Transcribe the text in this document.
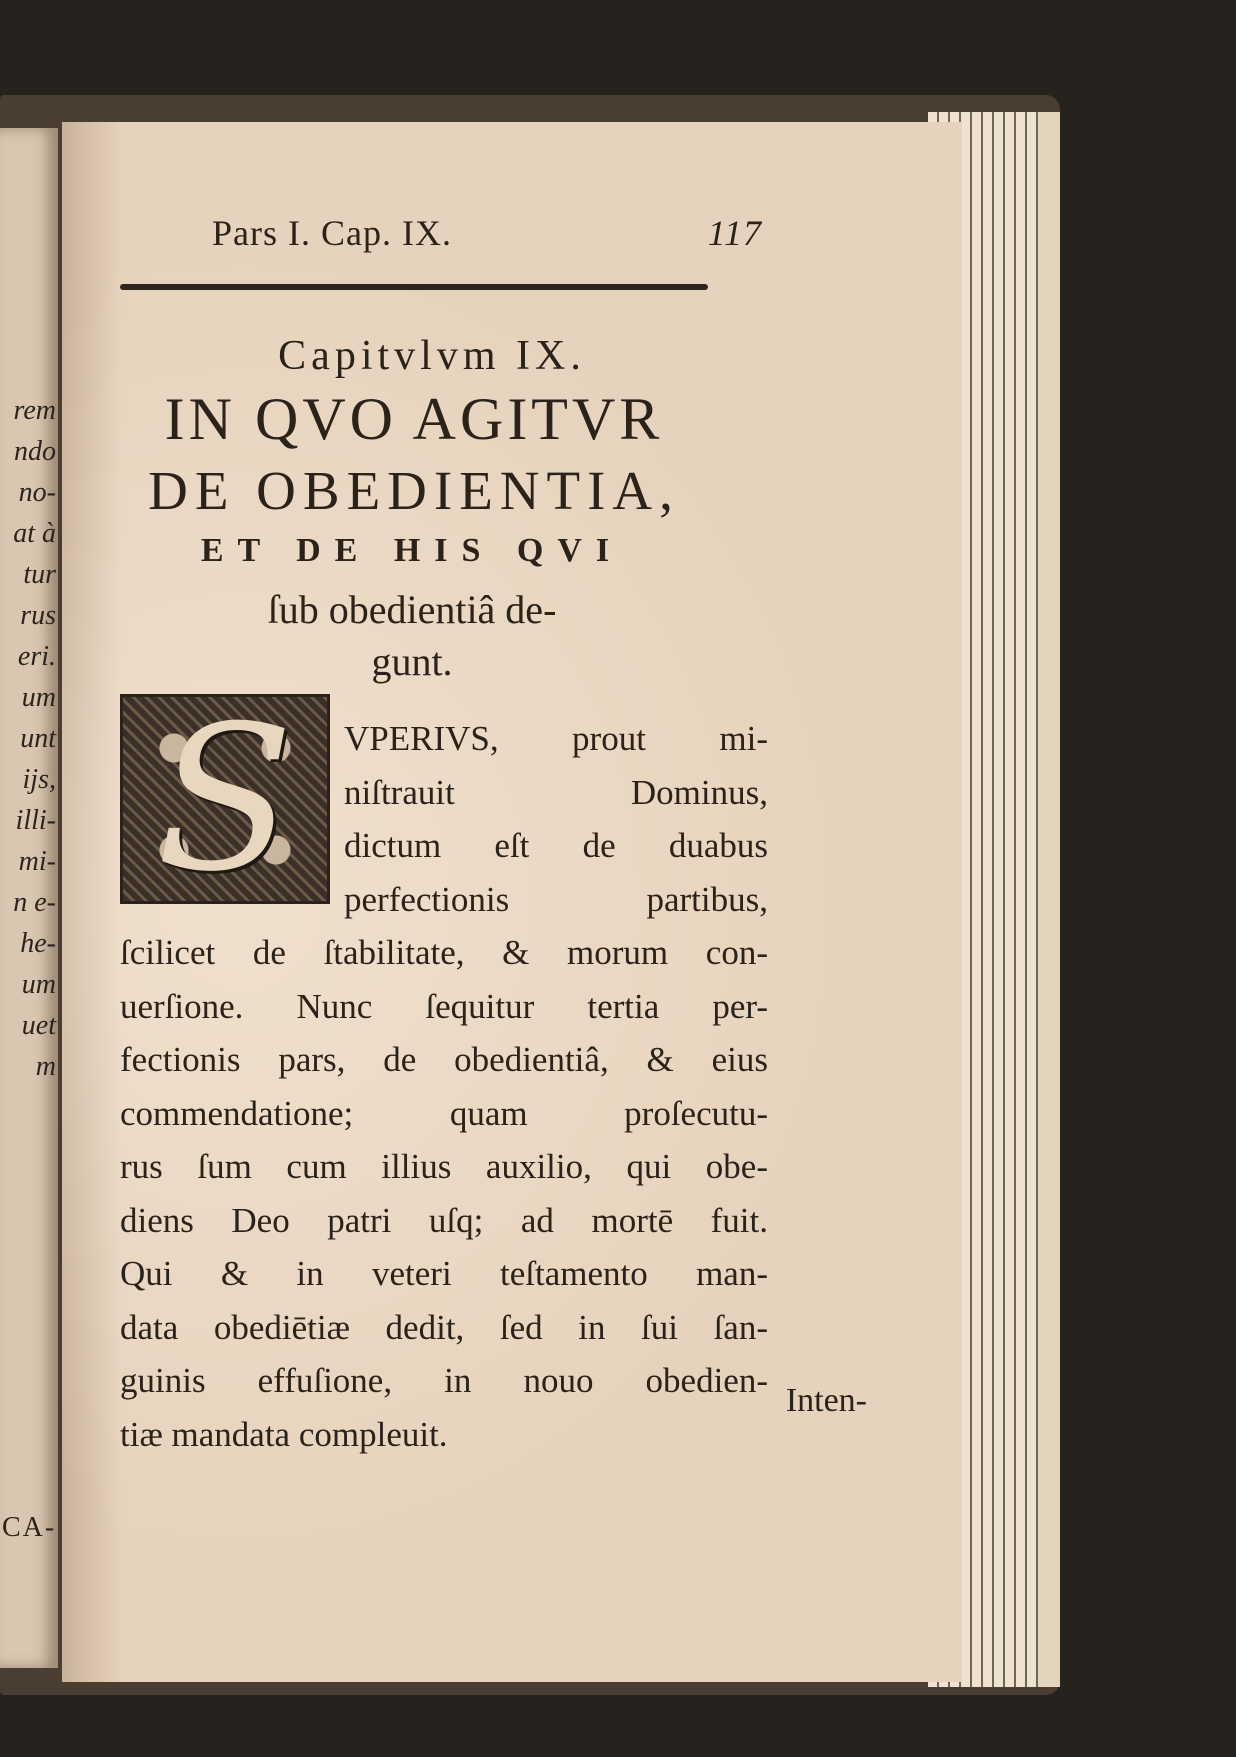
rem
ndo
no-
at à
tur
rus
eri.
um
unt
ijs,
illi-
mi-
n e-
he-
um
uet
m
CA-
Pars I. Cap. IX.	117
Capitvlvm IX.
IN QVO AGITVR
DE OBEDIENTIA,
ET DE HIS QVI
ſub obedientiâ de-
gunt.
S	VPERIVS, prout mi-
niſtrauit Dominus,
dictum eſt de duabus
perfectionis partibus,
ſcilicet de ſtabilitate, & morum con-
uerſione. Nunc ſequitur tertia per-
fectionis pars, de obedientiâ, & eius
commendatione; quam proſecutu-
rus ſum cum illius auxilio, qui obe-
diens Deo patri uſq; ad mortē fuit.
Qui & in veteri teſtamento man-
data obediētiæ dedit, ſed in ſui ſan-
guinis effuſione, in nouo obedien-
tiæ mandata compleuit.
Inten-
